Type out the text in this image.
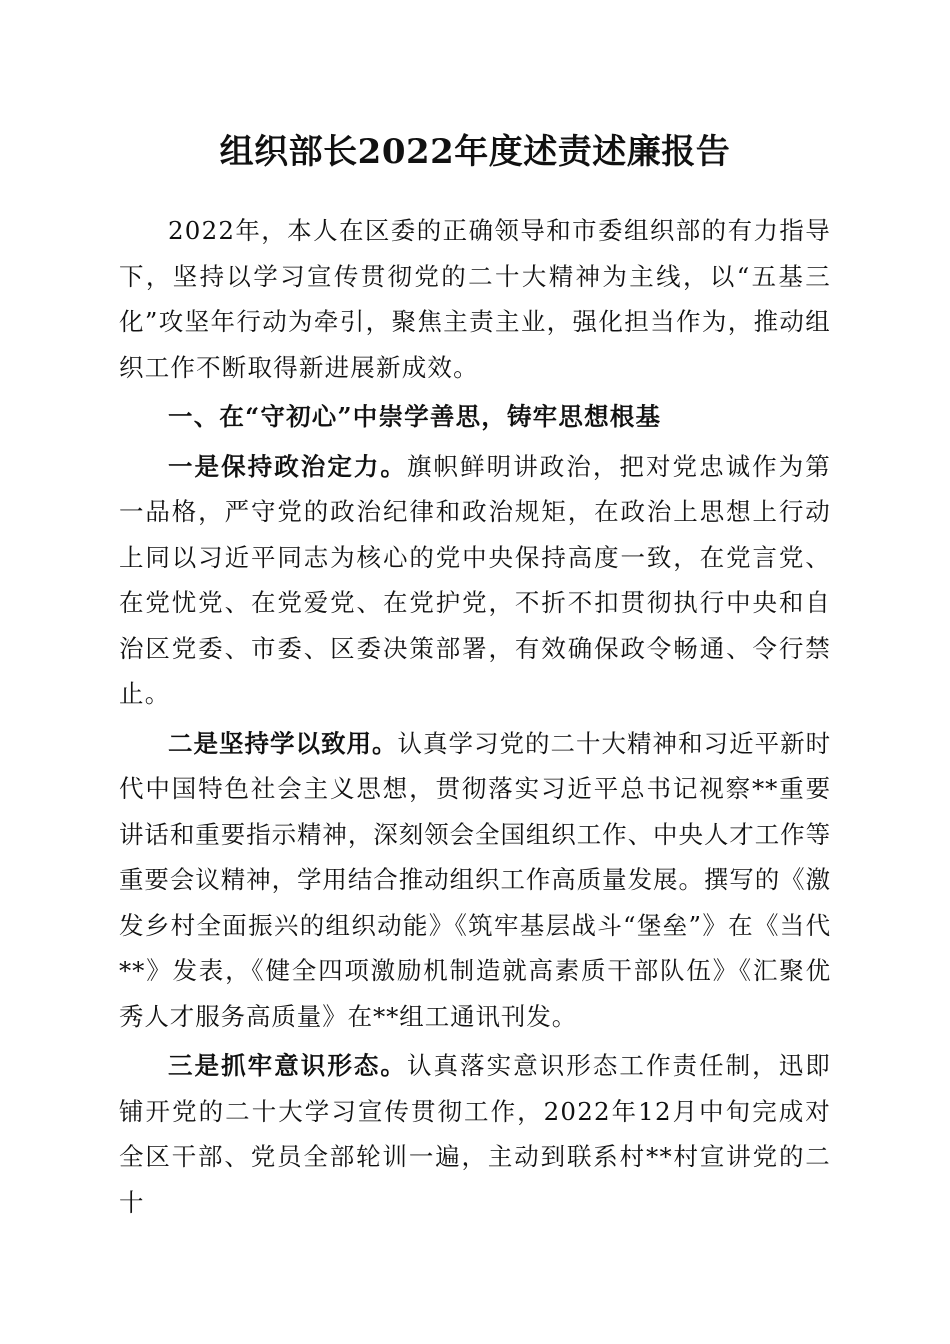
组织部长2022年度述责述廉报告

2022年，本人在区委的正确领导和市委组织部的有力指导下，坚持以学习宣传贯彻党的二十大精神为主线，以“五基三化”攻坚年行动为牵引，聚焦主责主业，强化担当作为，推动组织工作不断取得新进展新成效。

一、在“守初心”中崇学善思，铸牢思想根基

一是保持政治定力。旗帜鲜明讲政治，把对党忠诚作为第一品格，严守党的政治纪律和政治规矩，在政治上思想上行动上同以习近平同志为核心的党中央保持高度一致，在党言党、在党忧党、在党爱党、在党护党，不折不扣贯彻执行中央和自治区党委、市委、区委决策部署，有效确保政令畅通、令行禁止。

二是坚持学以致用。认真学习党的二十大精神和习近平新时代中国特色社会主义思想，贯彻落实习近平总书记视察**重要讲话和重要指示精神，深刻领会全国组织工作、中央人才工作等重要会议精神，学用结合推动组织工作高质量发展。撰写的《激发乡村全面振兴的组织动能》《筑牢基层战斗“堡垒”》在《当代**》发表，《健全四项激励机制造就高素质干部队伍》《汇聚优秀人才服务高质量》在**组工通讯刊发。

三是抓牢意识形态。认真落实意识形态工作责任制，迅即铺开党的二十大学习宣传贯彻工作，2022年12月中旬完成对全区干部、党员全部轮训一遍，主动到联系村**村宣讲党的二十
